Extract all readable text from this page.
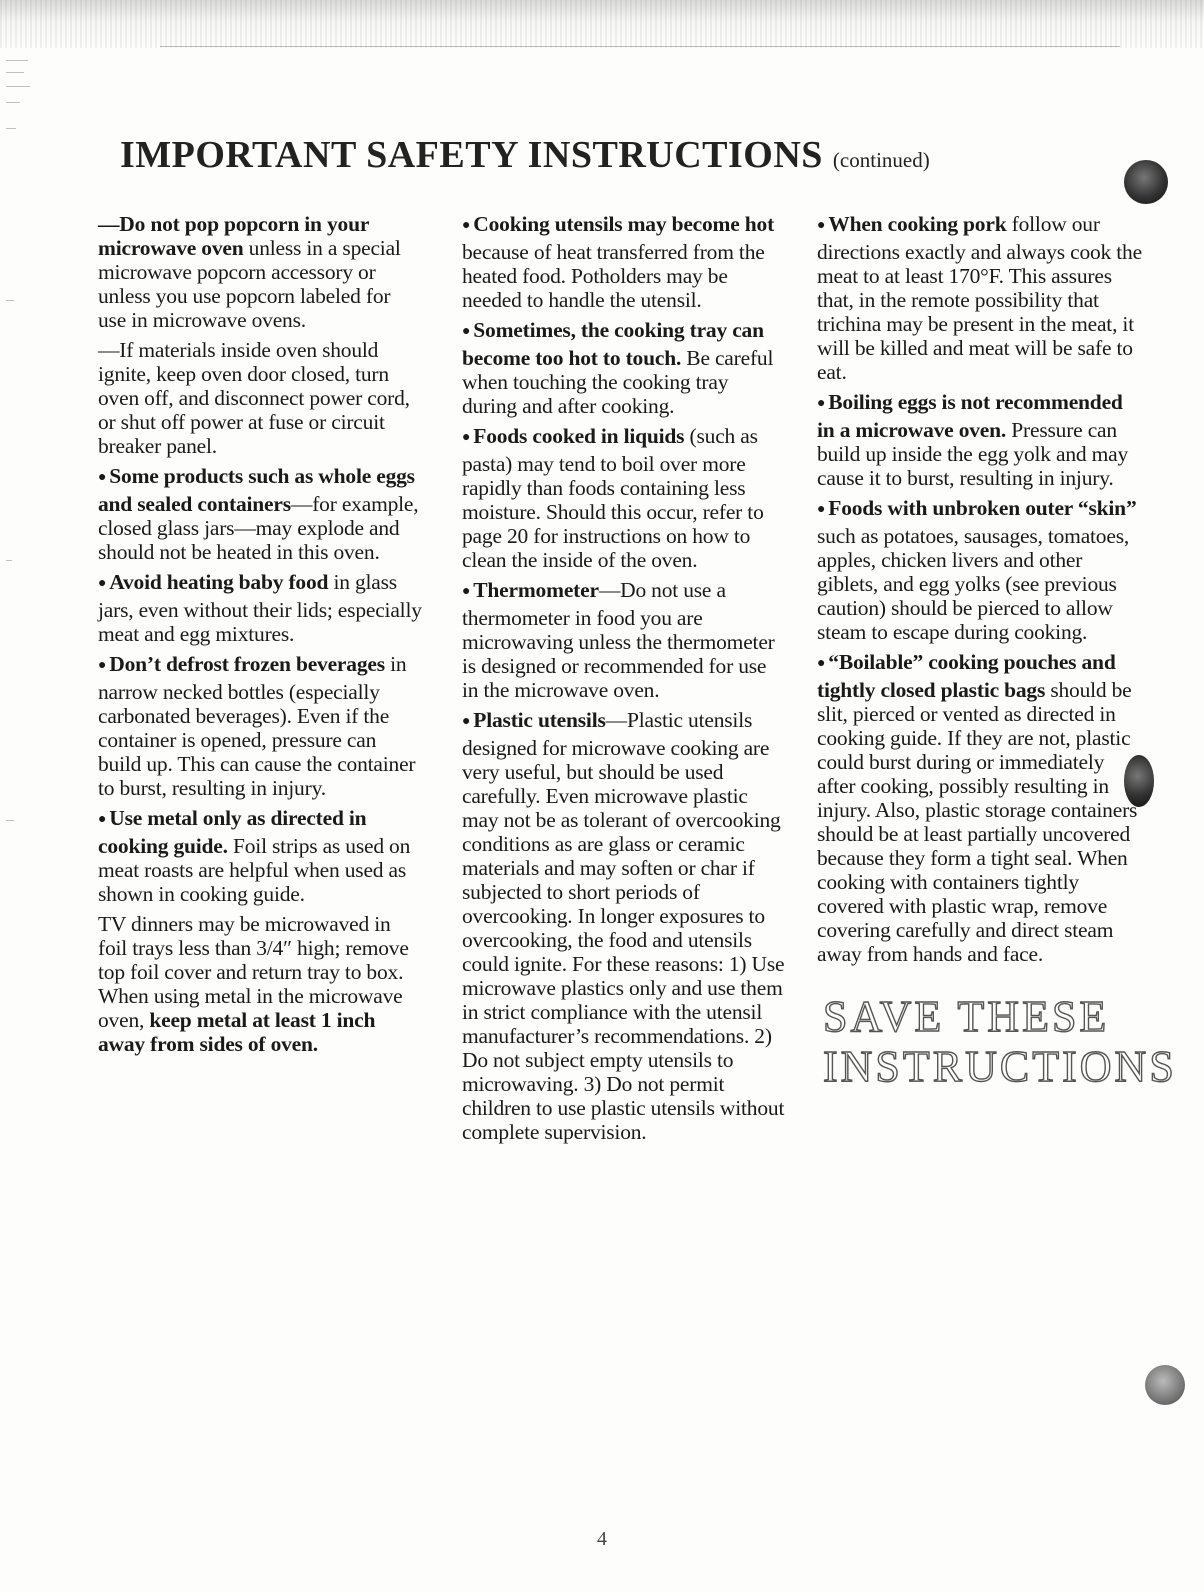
IMPORTANT SAFETY INSTRUCTIONS (continued)

—Do not pop popcorn in your microwave oven unless in a special microwave popcorn accessory or unless you use popcorn labeled for use in microwave ovens.

—If materials inside oven should ignite, keep oven door closed, turn oven off, and disconnect power cord, or shut off power at fuse or circuit breaker panel.

● Some products such as whole eggs and sealed containers—for example, closed glass jars—may explode and should not be heated in this oven.

● Avoid heating baby food in glass jars, even without their lids; especially meat and egg mixtures.

● Don’t defrost frozen beverages in narrow necked bottles (especially carbonated beverages). Even if the container is opened, pressure can build up. This can cause the container to burst, resulting in injury.

● Use metal only as directed in cooking guide. Foil strips as used on meat roasts are helpful when used as shown in cooking guide.

TV dinners may be microwaved in foil trays less than 3/4″ high; remove top foil cover and return tray to box. When using metal in the microwave oven, keep metal at least 1 inch away from sides of oven.

● Cooking utensils may become hot because of heat transferred from the heated food. Potholders may be needed to handle the utensil.

● Sometimes, the cooking tray can become too hot to touch. Be careful when touching the cooking tray during and after cooking.

● Foods cooked in liquids (such as pasta) may tend to boil over more rapidly than foods containing less moisture. Should this occur, refer to page 20 for instructions on how to clean the inside of the oven.

● Thermometer—Do not use a thermometer in food you are microwaving unless the thermometer is designed or recommended for use in the microwave oven.

● Plastic utensils—Plastic utensils designed for microwave cooking are very useful, but should be used carefully. Even microwave plastic may not be as tolerant of overcooking conditions as are glass or ceramic materials and may soften or char if subjected to short periods of overcooking. In longer exposures to overcooking, the food and utensils could ignite. For these reasons: 1) Use microwave plastics only and use them in strict compliance with the utensil manufacturer’s recommendations. 2) Do not subject empty utensils to microwaving. 3) Do not permit children to use plastic utensils without complete supervision.

● When cooking pork follow our directions exactly and always cook the meat to at least 170°F. This assures that, in the remote possibility that trichina may be present in the meat, it will be killed and meat will be safe to eat.

● Boiling eggs is not recommended in a microwave oven. Pressure can build up inside the egg yolk and may cause it to burst, resulting in injury.

● Foods with unbroken outer “skin” such as potatoes, sausages, tomatoes, apples, chicken livers and other giblets, and egg yolks (see previous caution) should be pierced to allow steam to escape during cooking.

● “Boilable” cooking pouches and tightly closed plastic bags should be slit, pierced or vented as directed in cooking guide. If they are not, plastic could burst during or immediately after cooking, possibly resulting in injury. Also, plastic storage containers should be at least partially uncovered because they form a tight seal. When cooking with containers tightly covered with plastic wrap, remove covering carefully and direct steam away from hands and face.

SAVE THESE
INSTRUCTIONS
4
